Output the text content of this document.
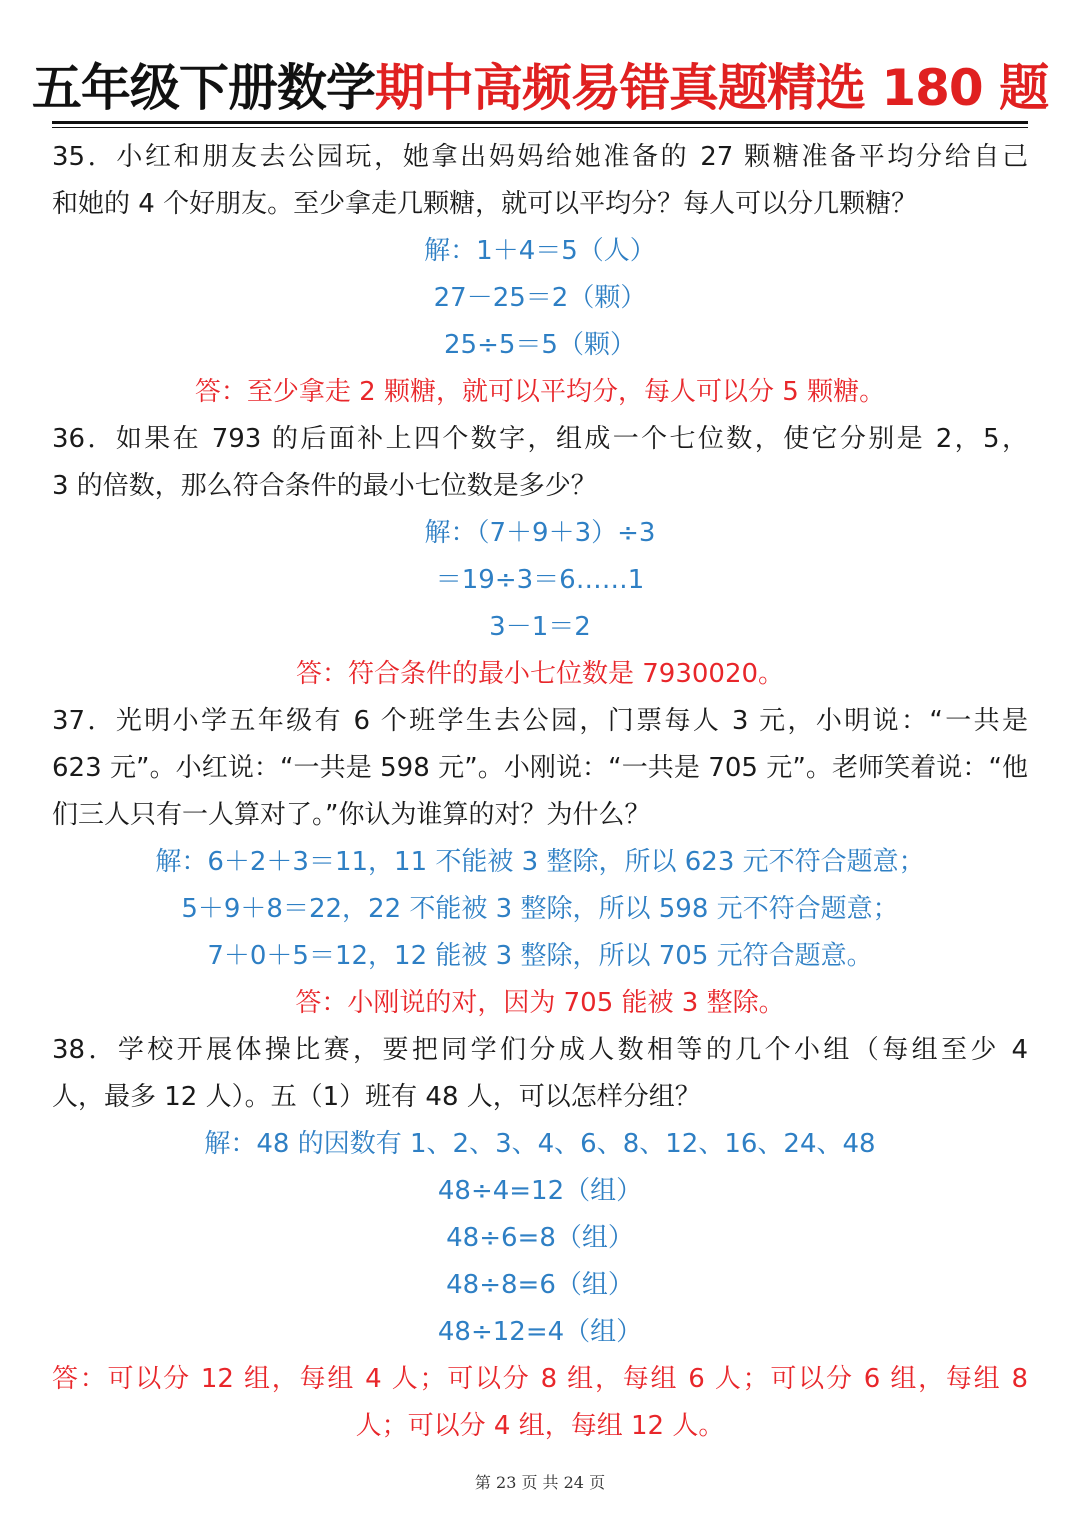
五年级下册数学期中高频易错真题精选 180 题
35．小红和朋友去公园玩，她拿出妈妈给她准备的 27 颗糖准备平均分给自己
和她的 4 个好朋友。至少拿走几颗糖，就可以平均分？每人可以分几颗糖？
解：1＋4＝5（人）
27－25＝2（颗）
25÷5＝5（颗）
答：至少拿走 2 颗糖，就可以平均分，每人可以分 5 颗糖。
36．如果在 793 的后面补上四个数字，组成一个七位数，使它分别是 2，5，
3 的倍数，那么符合条件的最小七位数是多少？
解：（7＋9＋3）÷3
＝19÷3＝6……1
3－1＝2
答：符合条件的最小七位数是 7930020。
37．光明小学五年级有 6 个班学生去公园，门票每人 3 元，小明说：“一共是
623 元”。小红说：“一共是 598 元”。小刚说：“一共是 705 元”。老师笑着说：“他
们三人只有一人算对了。”你认为谁算的对？为什么？
解：6＋2＋3＝11，11 不能被 3 整除，所以 623 元不符合题意；
5＋9＋8＝22，22 不能被 3 整除，所以 598 元不符合题意；
7＋0＋5＝12，12 能被 3 整除，所以 705 元符合题意。
答：小刚说的对，因为 705 能被 3 整除。
38．学校开展体操比赛，要把同学们分成人数相等的几个小组（每组至少 4
人，最多 12 人）。五（1）班有 48 人，可以怎样分组？
解：48 的因数有 1、2、3、4、6、8、12、16、24、48
48÷4=12（组）
48÷6=8（组）
48÷8=6（组）
48÷12=4（组）
答：可以分 12 组，每组 4 人；可以分 8 组，每组 6 人；可以分 6 组，每组 8
人；可以分 4 组，每组 12 人。
第 23 页 共 24 页
